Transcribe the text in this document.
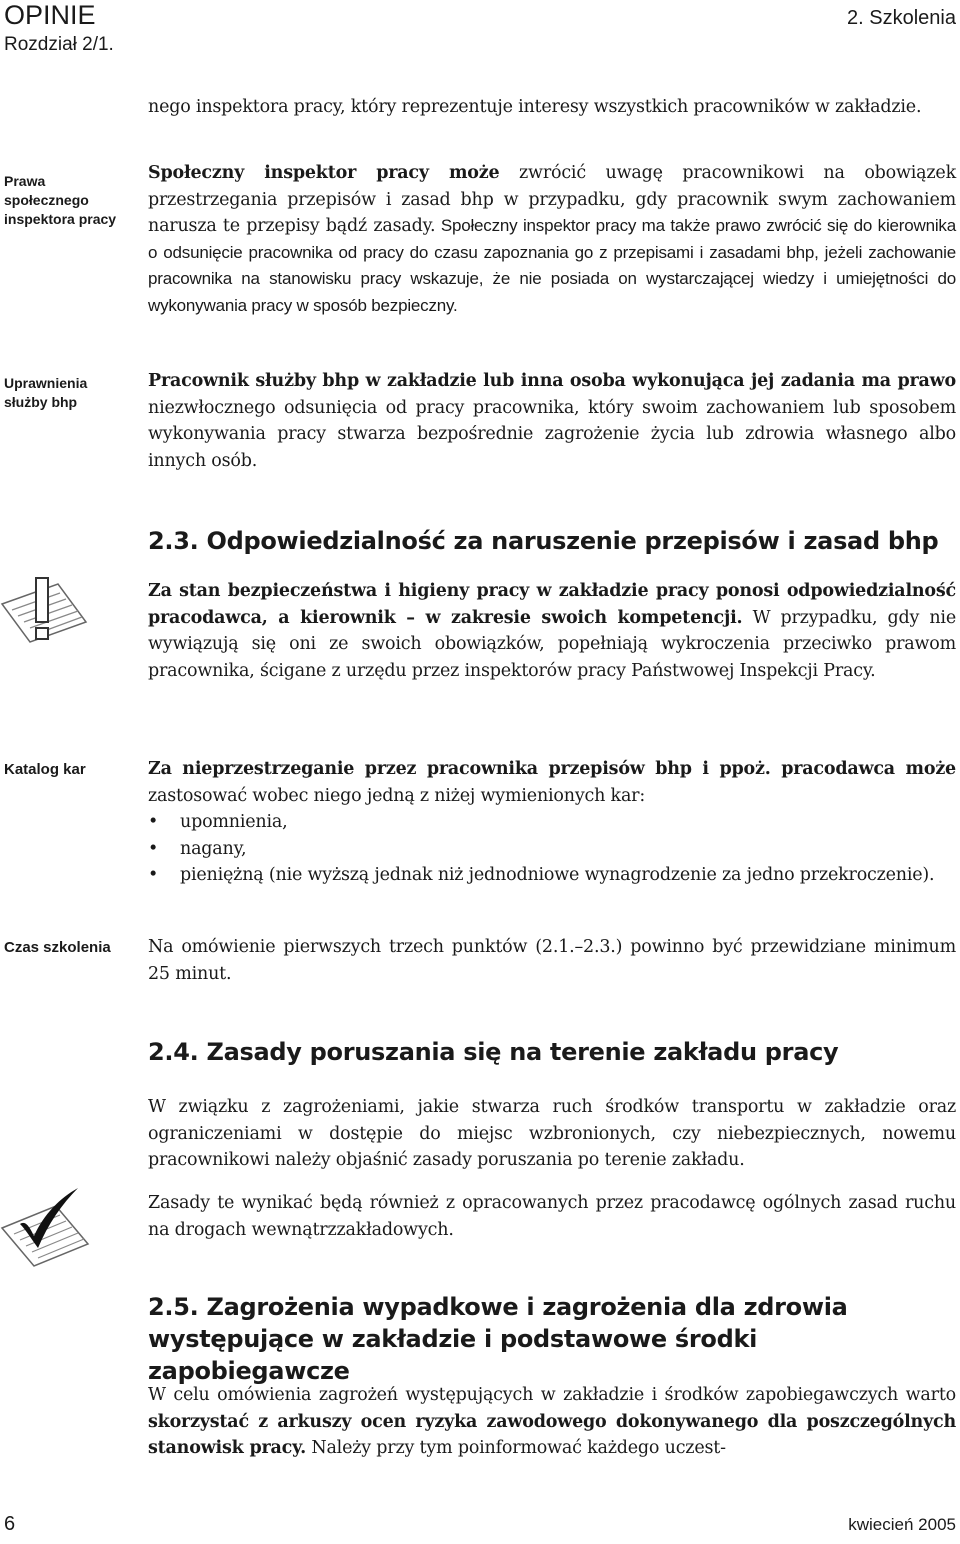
OPINIE
Rozdział 2/1.
2. Szkolenia
Prawa społecznego inspektora pracy
Uprawnienia służby bhp
Katalog kar
Czas szkolenia
nego inspektora pracy, który reprezentuje interesy wszystkich pracowników w zakładzie.
Społeczny inspektor pracy może zwrócić uwagę pracownikowi na obowiązek przestrzegania przepisów i zasad bhp w przypadku, gdy pracownik swym zachowaniem narusza te przepisy bądź zasady. Społeczny inspektor pracy ma także prawo zwrócić się do kierownika o odsunięcie pracownika od pracy do czasu zapoznania go z przepisami i zasadami bhp, jeżeli zachowanie pracownika na stanowisku pracy wskazuje, że nie posiada on wystarczającej wiedzy i umiejętności do wykonywania pracy w sposób bezpieczny.
Pracownik służby bhp w zakładzie lub inna osoba wykonująca jej zadania ma prawo niezwłocznego odsunięcia od pracy pracownika, który swoim zachowaniem lub sposobem wykonywania pracy stwarza bezpośrednie zagrożenie życia lub zdrowia własnego albo innych osób.
2.3. Odpowiedzialność za naruszenie przepisów i zasad bhp
Za stan bezpieczeństwa i higieny pracy w zakładzie pracy ponosi odpowiedzialność pracodawca, a kierownik – w zakresie swoich kompetencji. W przypadku, gdy nie wywiązują się oni ze swoich obowiązków, popełniają wykroczenia przeciwko prawom pracownika, ścigane z urzędu przez inspektorów pracy Państwowej Inspekcji Pracy.
Za nieprzestrzeganie przez pracownika przepisów bhp i ppoż. pracodawca może zastosować wobec niego jedną z niżej wymienionych kar:
• upomnienia,
• nagany,
• pieniężną (nie wyższą jednak niż jednodniowe wynagrodzenie za jedno przekroczenie).
Na omówienie pierwszych trzech punktów (2.1.–2.3.) powinno być przewidziane minimum 25 minut.
2.4. Zasady poruszania się na terenie zakładu pracy
W związku z zagrożeniami, jakie stwarza ruch środków transportu w zakładzie oraz ograniczeniami w dostępie do miejsc wzbronionych, czy niebezpiecznych, nowemu pracownikowi należy objaśnić zasady poruszania po terenie zakładu.
Zasady te wynikać będą również z opracowanych przez pracodawcę ogólnych zasad ruchu na drogach wewnątrzzakładowych.
2.5. Zagrożenia wypadkowe i zagrożenia dla zdrowia
występujące w zakładzie i podstawowe środki zapobiegawcze
W celu omówienia zagrożeń występujących w zakładzie i środków zapobiegawczych warto skorzystać z arkuszy ocen ryzyka zawodowego dokonywanego dla poszczególnych stanowisk pracy. Należy przy tym poinformować każdego uczest-
6	kwiecień 2005
